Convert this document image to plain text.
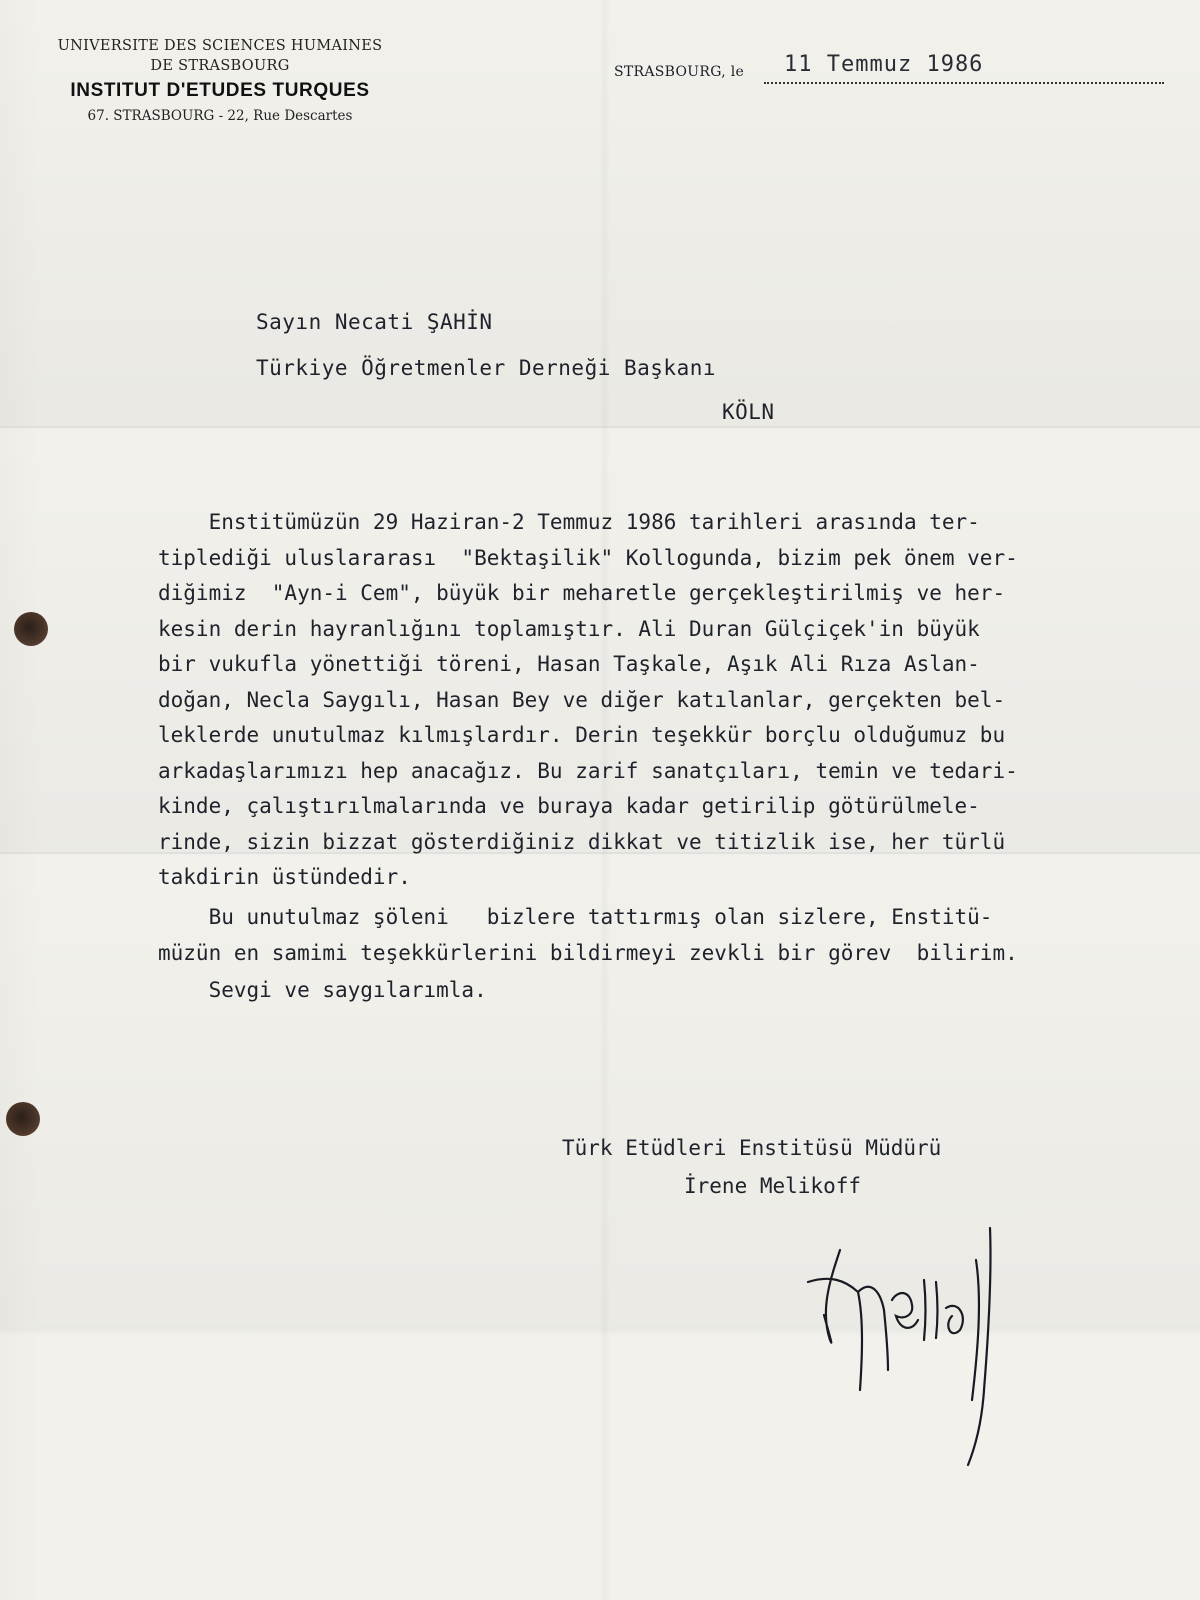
UNIVERSITE DES SCIENCES HUMAINES
DE STRASBOURG
INSTITUT D'ETUDES TURQUES
67. STRASBOURG - 22, Rue Descartes
STRASBOURG, le 11 Temmuz 1986
Sayın Necati ŞAHİN
Türkiye Öğretmenler Derneği Başkanı
KÖLN
Enstitümüzün 29 Haziran-2 Temmuz 1986 tarihleri arasında ter-
tiplediği uluslararası  "Bektaşilik" Kollogunda, bizim pek önem ver-
diğimiz  "Ayn-i Cem", büyük bir meharetle gerçekleştirilmiş ve her-
kesin derin hayranlığını toplamıştır. Ali Duran Gülçiçek'in büyük
bir vukufla yönettiği töreni, Hasan Taşkale, Aşık Ali Rıza Aslan-
doğan, Necla Saygılı, Hasan Bey ve diğer katılanlar, gerçekten bel-
leklerde unutulmaz kılmışlardır. Derin teşekkür borçlu olduğumuz bu
arkadaşlarımızı hep anacağız. Bu zarif sanatçıları, temin ve tedari-
kinde, çalıştırılmalarında ve buraya kadar getirilip götürülmele-
rinde, sizin bizzat gösterdiğiniz dikkat ve titizlik ise, her türlü
takdirin üstündedir.
Bu unutulmaz şöleni   bizlere tattırmış olan sizlere, Enstitü-
müzün en samimi teşekkürlerini bildirmeyi zevkli bir görev  bilirim.
Sevgi ve saygılarımla.
Türk Etüdleri Enstitüsü Müdürü
İrene Melikoff
